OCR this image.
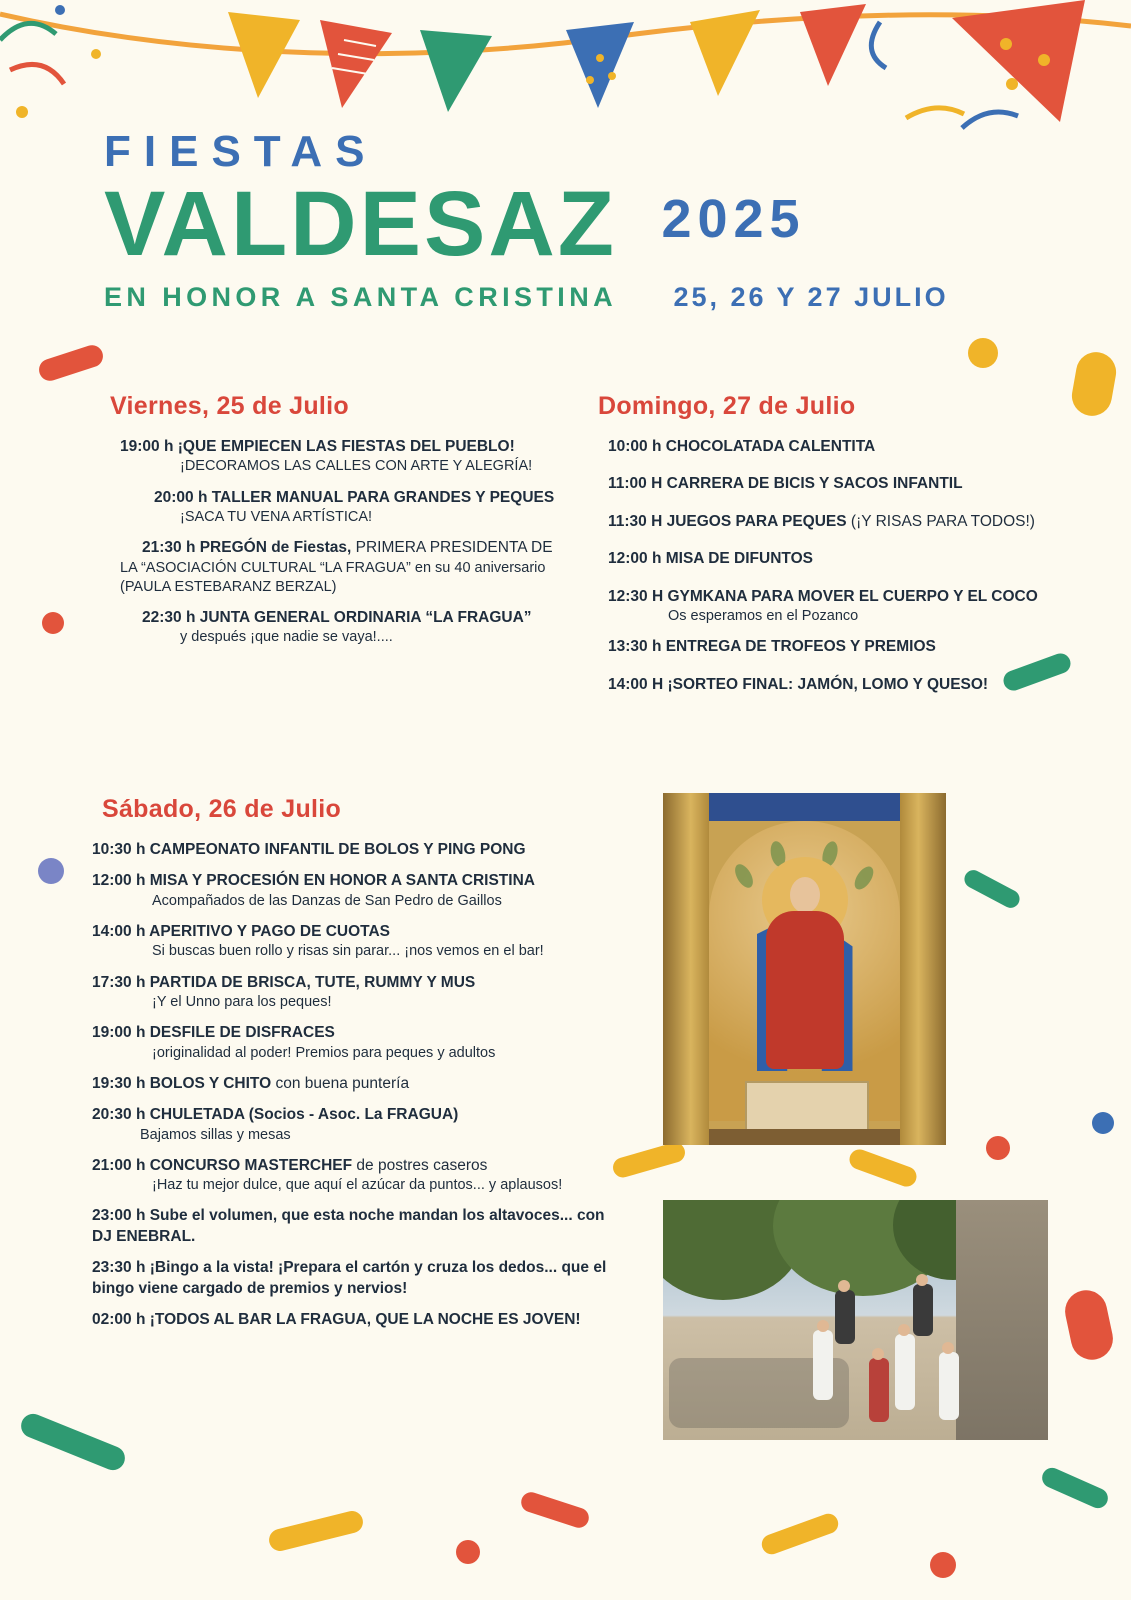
FIESTAS
VALDESAZ 2025
EN HONOR A SANTA CRISTINA 25, 26 Y 27 JULIO
Viernes, 25 de Julio
19:00 h ¡QUE EMPIECEN LAS FIESTAS DEL PUEBLO!
¡DECORAMOS LAS CALLES CON ARTE Y ALEGRÍA!
20:00 h TALLER MANUAL PARA GRANDES Y PEQUES
¡SACA TU VENA ARTÍSTICA!
21:30 h PREGÓN de Fiestas, PRIMERA PRESIDENTA DE
LA “ASOCIACIÓN CULTURAL “LA FRAGUA” en su 40 aniversario (PAULA ESTEBARANZ BERZAL)
22:30 h JUNTA GENERAL ORDINARIA “LA FRAGUA”
y después ¡que nadie se vaya!....
Domingo, 27 de Julio
10:00 h CHOCOLATADA CALENTITA
11:00 H CARRERA DE BICIS Y SACOS INFANTIL
11:30 H JUEGOS PARA PEQUES (¡Y RISAS PARA TODOS!)
12:00 h MISA DE DIFUNTOS
12:30 H GYMKANA PARA MOVER EL CUERPO Y EL COCO
Os esperamos en el Pozanco
13:30 h ENTREGA DE TROFEOS Y PREMIOS
14:00 H ¡SORTEO FINAL: JAMÓN, LOMO Y QUESO!
Sábado, 26 de Julio
10:30 h CAMPEONATO INFANTIL DE BOLOS Y PING PONG
12:00 h MISA Y PROCESIÓN EN HONOR A SANTA CRISTINA
Acompañados de las Danzas de San Pedro de Gaillos
14:00 h APERITIVO Y PAGO DE CUOTAS
Si buscas buen rollo y risas sin parar... ¡nos vemos en el bar!
17:30 h PARTIDA DE BRISCA, TUTE, RUMMY Y MUS
¡Y el Unno para los peques!
19:00 h DESFILE DE DISFRACES
¡originalidad al poder! Premios para peques y adultos
19:30 h BOLOS Y CHITO con buena puntería
20:30 h CHULETADA (Socios - Asoc. La FRAGUA)
Bajamos sillas y mesas
21:00 h CONCURSO MASTERCHEF de postres caseros
¡Haz tu mejor dulce, que aquí el azúcar da puntos... y aplausos!
23:00 h Sube el volumen, que esta noche mandan los altavoces... con DJ ENEBRAL.
23:30 h ¡Bingo a la vista! ¡Prepara el cartón y cruza los dedos... que el bingo viene cargado de premios y nervios!
02:00 h ¡TODOS AL BAR LA FRAGUA, QUE LA NOCHE ES JOVEN!
